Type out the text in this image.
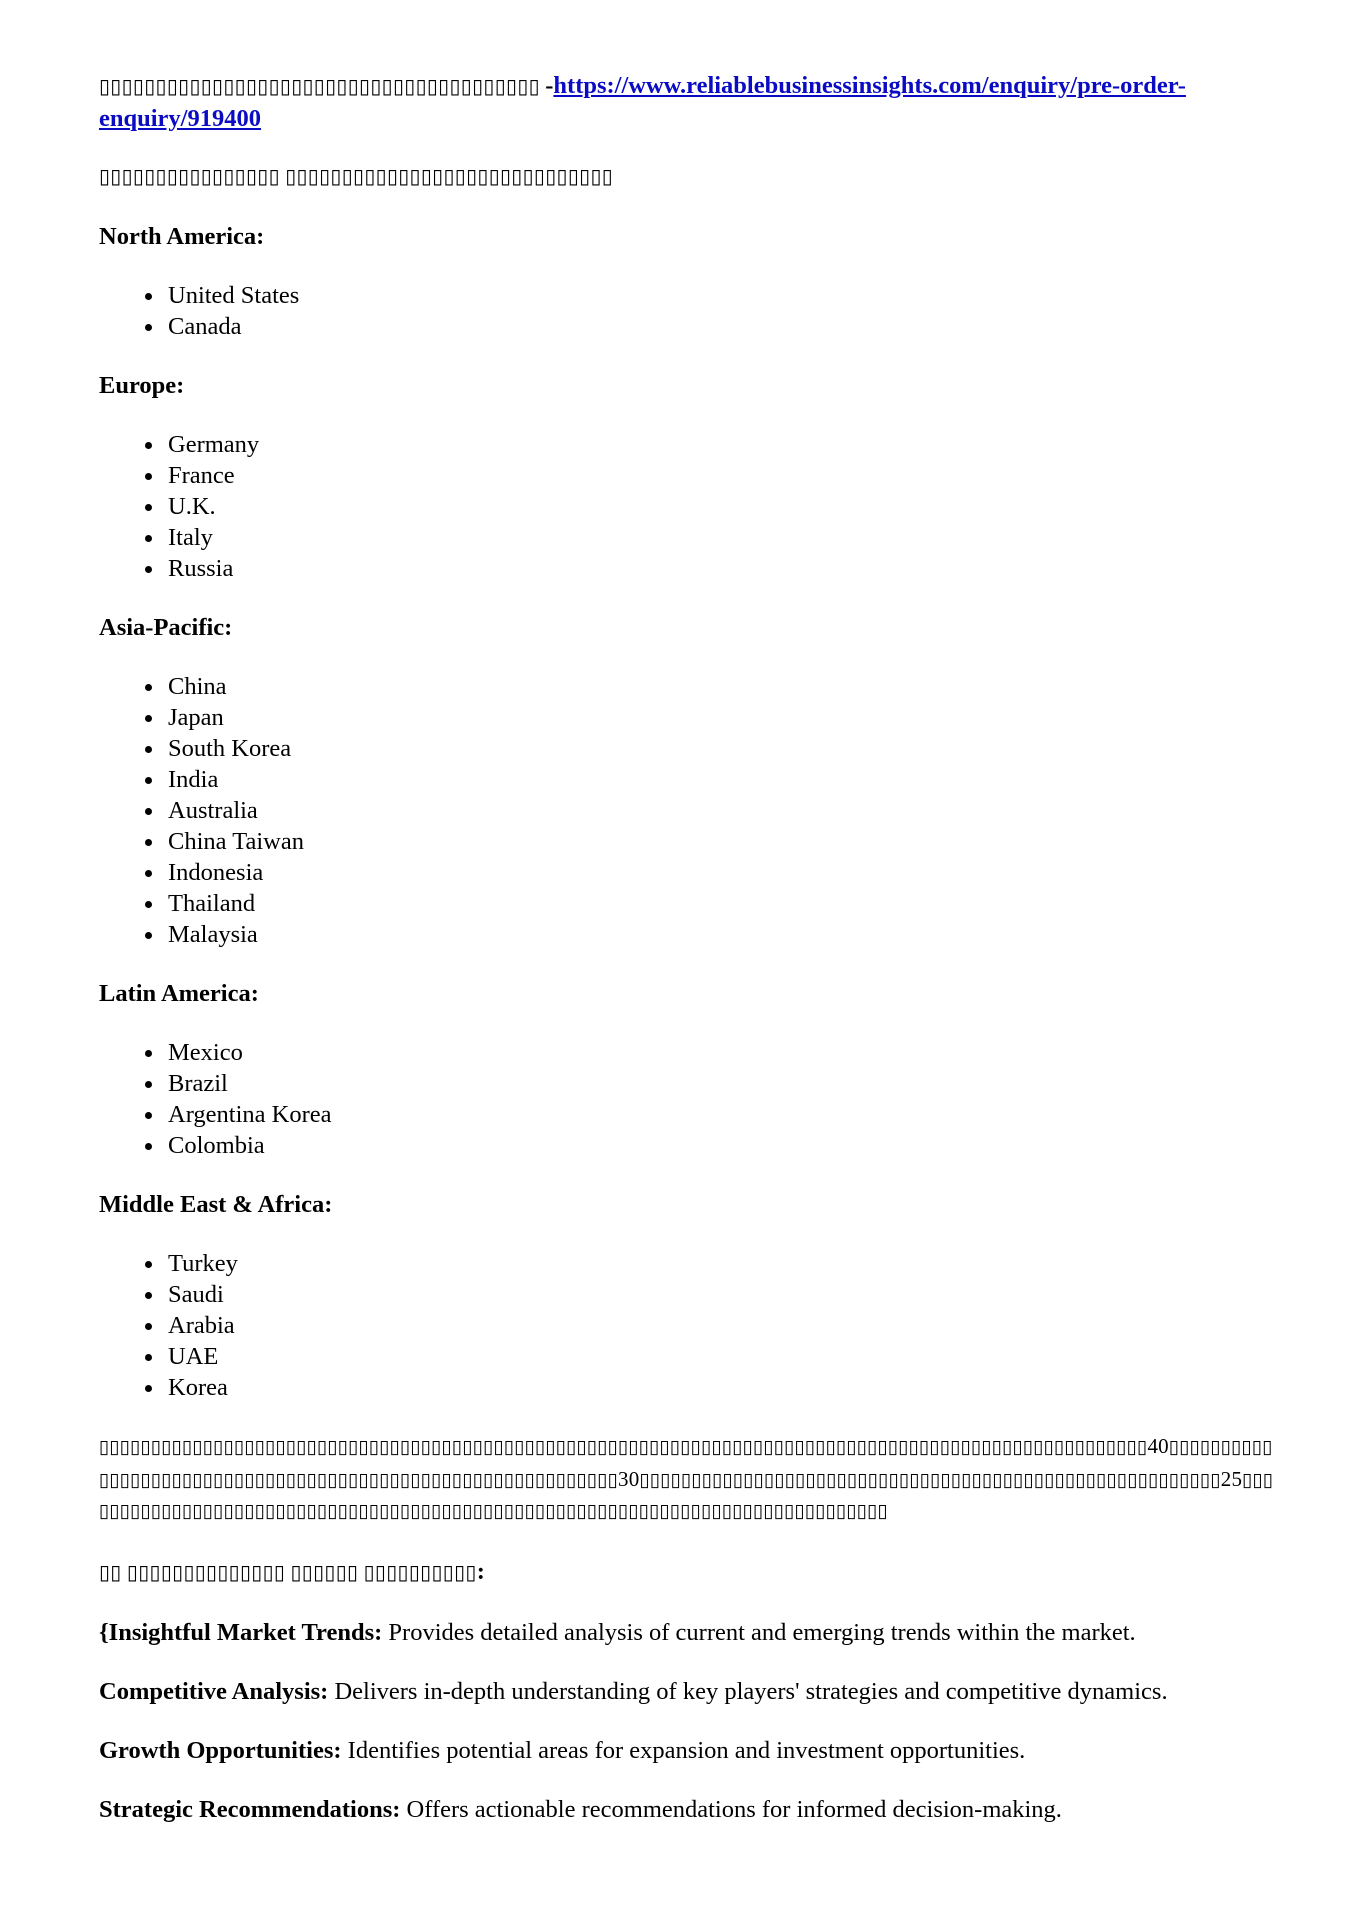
▯▯▯▯▯▯▯▯▯▯▯▯▯▯▯▯▯▯▯▯▯▯▯▯▯▯▯▯▯▯▯▯▯▯▯▯▯▯▯ -https://www.reliablebusinessinsights.com/enquiry/pre-order-
enquiry/919400

▯▯▯▯▯▯▯▯▯▯▯▯▯▯▯▯ ▯▯▯▯▯▯▯▯▯▯▯▯▯▯▯▯▯▯▯▯▯▯▯▯▯▯▯▯▯

North America:

United States
Canada

Europe:

Germany
France
U.K.
Italy
Russia

Asia-Pacific:

China
Japan
South Korea
India
Australia
China Taiwan
Indonesia
Thailand
Malaysia

Latin America:

Mexico
Brazil
Argentina Korea
Colombia

Middle East & Africa:

Turkey
Saudi
Arabia
UAE
Korea

▯▯▯▯▯▯▯▯▯▯▯▯▯▯▯▯▯▯▯▯▯▯▯▯▯▯▯▯▯▯▯▯▯▯▯▯▯▯▯▯▯▯▯▯▯▯▯▯▯▯▯▯▯▯▯▯▯▯▯▯▯▯▯▯▯▯▯▯▯▯▯▯▯▯▯▯▯▯▯▯▯▯▯▯▯▯▯▯▯▯▯▯▯▯▯▯▯▯▯▯▯40▯▯▯▯▯▯▯▯▯▯▯▯▯▯▯▯▯▯▯▯▯▯▯▯▯▯▯▯▯▯▯▯▯▯▯▯▯▯▯▯▯▯▯▯▯▯▯▯▯▯▯▯▯▯▯▯▯▯▯▯30▯▯▯▯▯▯▯▯▯▯▯▯▯▯▯▯▯▯▯▯▯▯▯▯▯▯▯▯▯▯▯▯▯▯▯▯▯▯▯▯▯▯▯▯▯▯▯▯▯▯▯▯▯▯▯▯25▯▯▯▯▯▯▯▯▯▯▯▯▯▯▯▯▯▯▯▯▯▯▯▯▯▯▯▯▯▯▯▯▯▯▯▯▯▯▯▯▯▯▯▯▯▯▯▯▯▯▯▯▯▯▯▯▯▯▯▯▯▯▯▯▯▯▯▯▯▯▯▯▯▯▯▯▯▯▯

▯▯ ▯▯▯▯▯▯▯▯▯▯▯▯▯▯ ▯▯▯▯▯▯ ▯▯▯▯▯▯▯▯▯▯:

{Insightful Market Trends: Provides detailed analysis of current and emerging trends within the market.

Competitive Analysis: Delivers in-depth understanding of key players' strategies and competitive dynamics.

Growth Opportunities: Identifies potential areas for expansion and investment opportunities.

Strategic Recommendations: Offers actionable recommendations for informed decision-making.
